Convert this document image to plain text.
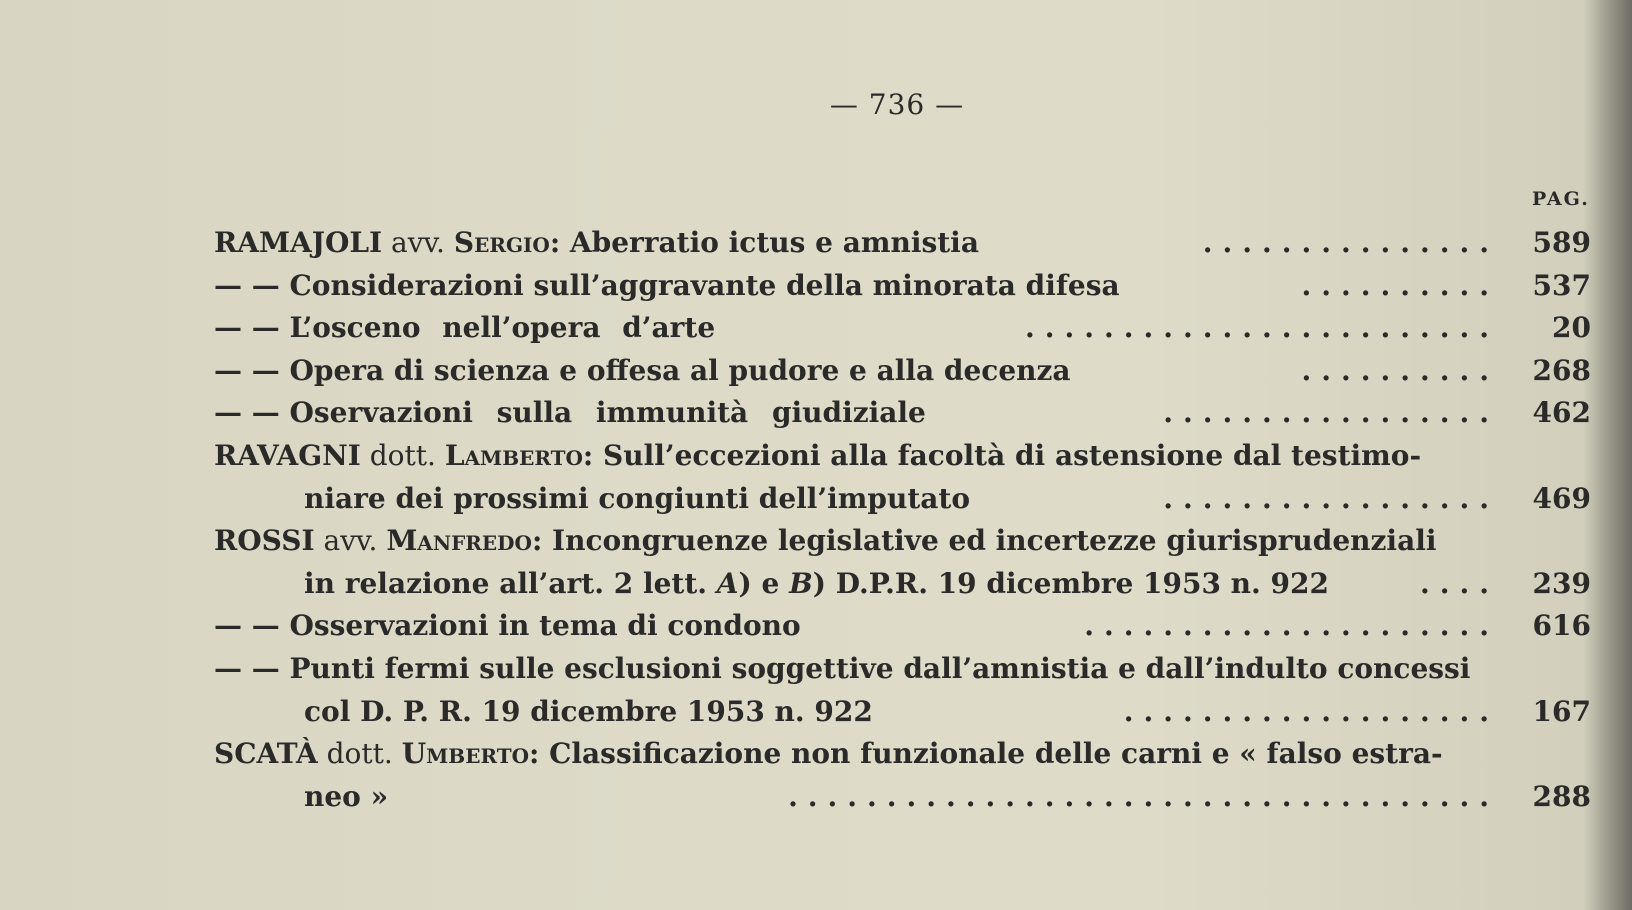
— 736 —
PAG.
RAMAJOLI avv. Sergio: Aberratio ictus e amnistia	...............	589
— — Considerazioni sull’aggravante della minorata difesa	..........	537
— — L’osceno nell’opera d’arte	........................	20
— — Opera di scienza e offesa al pudore e alla decenza	..........	268
— — Oservazioni sulla immunità giudiziale	.................	462
RAVAGNI dott. Lamberto: Sull’eccezioni alla facoltà di astensione dal testimo-
niare dei prossimi congiunti dell’imputato	.................	469
ROSSI avv. Manfredo: Incongruenze legislative ed incertezze giurisprudenziali
in relazione all’art. 2 lett. A) e B) D.P.R. 19 dicembre 1953 n. 922	....	239
— — Osservazioni in tema di condono	.....................	616
— — Punti fermi sulle esclusioni soggettive dall’amnistia e dall’indulto concessi
col D. P. R. 19 dicembre 1953 n. 922	...................	167
SCATÀ dott. Umberto: Classificazione non funzionale delle carni e « falso estra-
neo »	....................................	288
